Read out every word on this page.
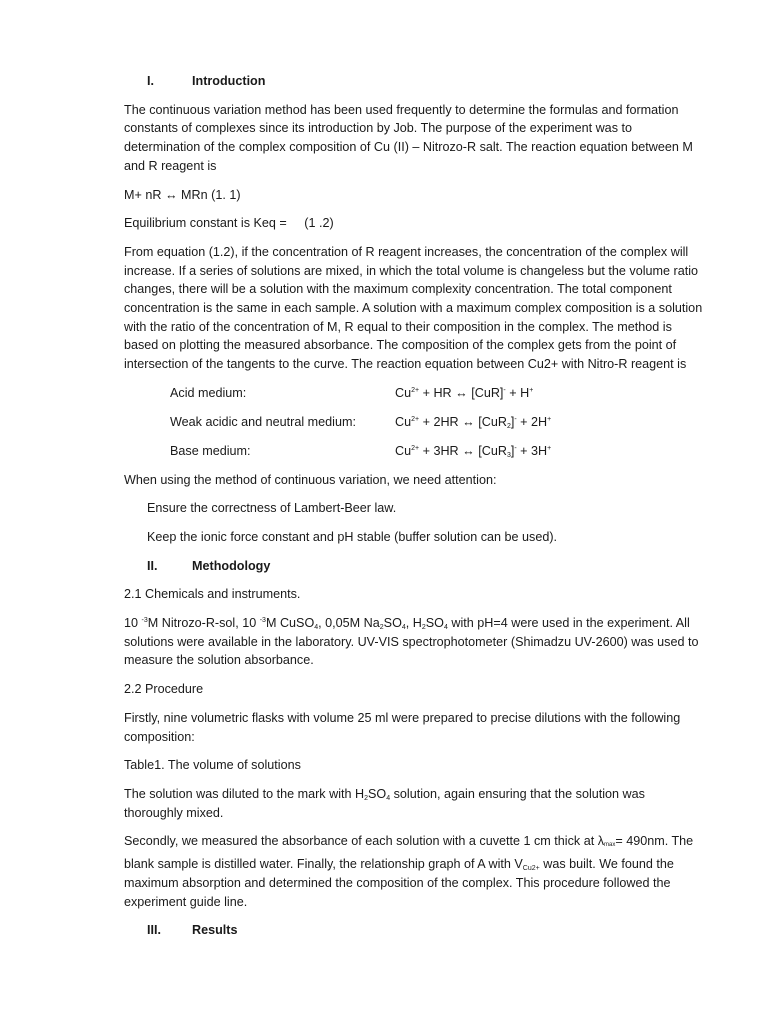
I.	Introduction

The continuous variation method has been used frequently to determine the formulas and formation constants of complexes since its introduction by Job. The purpose of the experiment was to determination of the complex composition of Cu (II) – Nitrozo-R salt. The reaction equation between M and R reagent is

M+ nR ↔ MRn (1. 1)

Equilibrium constant is Keq = (1 .2)

From equation (1.2), if the concentration of R reagent increases, the concentration of the complex will increase. If a series of solutions are mixed, in which the total volume is changeless but the volume ratio changes, there will be a solution with the maximum complexity concentration. The total component concentration is the same in each sample. A solution with a maximum complex composition is a solution with the ratio of the concentration of M, R equal to their composition in the complex. The method is based on plotting the measured absorbance. The composition of the complex gets from the point of intersection of the tangents to the curve. The reaction equation between Cu2+ with Nitro-R reagent is

Acid medium:	$Cu^{2+}$ + HR ↔ [CuR]- + H+
Weak acidic and neutral medium:	$Cu^{2+} + 2HR$ ↔ [CuR$_2$]- + 2H+
Base medium:	$Cu^{2+} + 3HR$ ↔ [CuR$_3$]- + 3H+

When using the method of continuous variation, we need attention:

Ensure the correctness of Lambert-Beer law.

Keep the ionic force constant and pH stable (buffer solution can be used).

II.	Methodology

2.1 Chemicals and instruments.

10 $^{-3}$M Nitrozo-R-sol, 10 $^{-3}$M CuSO$_4$, 0,05M $Na_2SO_4$, $H_2SO_4$ with pH=4 were used in the experiment. All solutions were available in the laboratory. UV-VIS spectrophotometer (Shimadzu UV-2600) was used to measure the solution absorbance.

2.2 Procedure

Firstly, nine volumetric flasks with volume 25 ml were prepared to precise dilutions with the following composition:

Table1. The volume of solutions

The solution was diluted to the mark with $H_2SO_4$ solution, again ensuring that the solution was thoroughly mixed.

Secondly, we measured the absorbance of each solution with a cuvette 1 cm thick at λmax= 490nm. The blank sample is distilled water. Finally, the relationship graph of A with $V_{Cu2+}$ was built. We found the maximum absorption and determined the composition of the complex. This procedure followed the experiment guide line.

III.	Results
